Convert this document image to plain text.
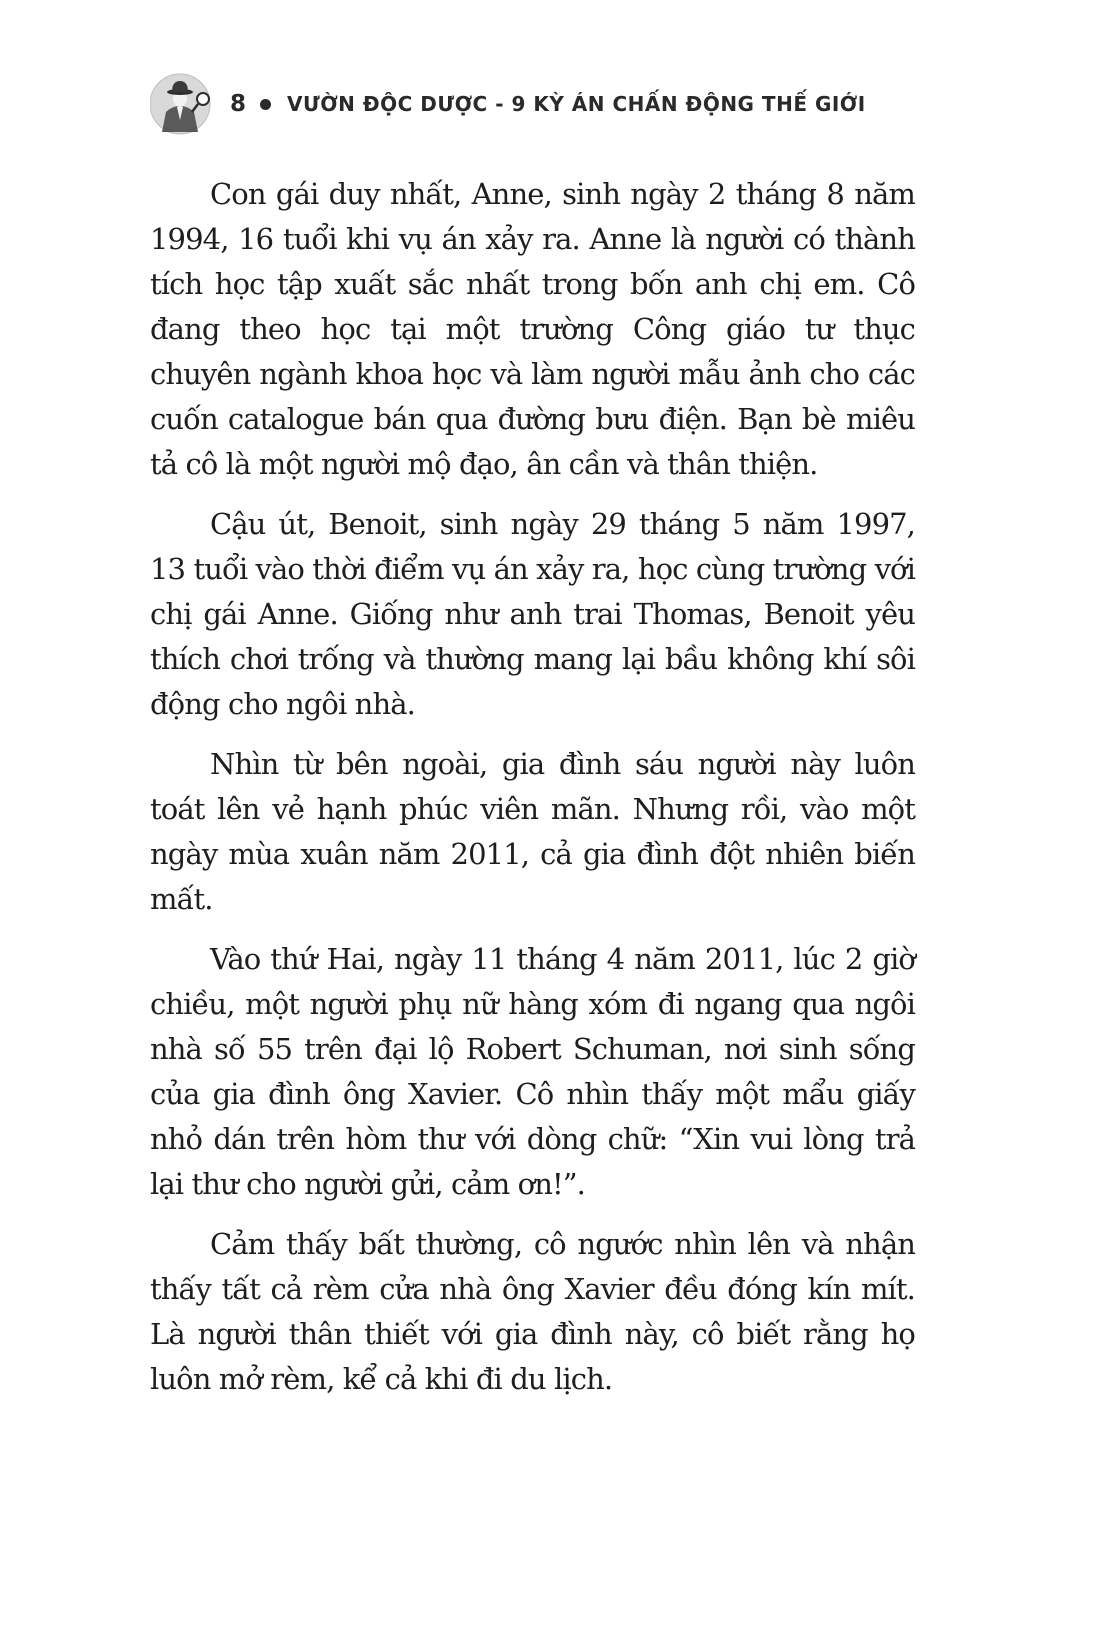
8 VƯỜN ĐỘC DƯỢC - 9 KỲ ÁN CHẤN ĐỘNG THẾ GIỚI

Con gái duy nhất, Anne, sinh ngày 2 tháng 8 năm 1994, 16 tuổi khi vụ án xảy ra. Anne là người có thành tích học tập xuất sắc nhất trong bốn anh chị em. Cô đang theo học tại một trường Công giáo tư thục chuyên ngành khoa học và làm người mẫu ảnh cho các cuốn catalogue bán qua đường bưu điện. Bạn bè miêu tả cô là một người mộ đạo, ân cần và thân thiện.

Cậu út, Benoit, sinh ngày 29 tháng 5 năm 1997, 13 tuổi vào thời điểm vụ án xảy ra, học cùng trường với chị gái Anne. Giống như anh trai Thomas, Benoit yêu thích chơi trống và thường mang lại bầu không khí sôi động cho ngôi nhà.

Nhìn từ bên ngoài, gia đình sáu người này luôn toát lên vẻ hạnh phúc viên mãn. Nhưng rồi, vào một ngày mùa xuân năm 2011, cả gia đình đột nhiên biến mất.

Vào thứ Hai, ngày 11 tháng 4 năm 2011, lúc 2 giờ chiều, một người phụ nữ hàng xóm đi ngang qua ngôi nhà số 55 trên đại lộ Robert Schuman, nơi sinh sống của gia đình ông Xavier. Cô nhìn thấy một mẩu giấy nhỏ dán trên hòm thư với dòng chữ: “Xin vui lòng trả lại thư cho người gửi, cảm ơn!”.

Cảm thấy bất thường, cô ngước nhìn lên và nhận thấy tất cả rèm cửa nhà ông Xavier đều đóng kín mít. Là người thân thiết với gia đình này, cô biết rằng họ luôn mở rèm, kể cả khi đi du lịch.
